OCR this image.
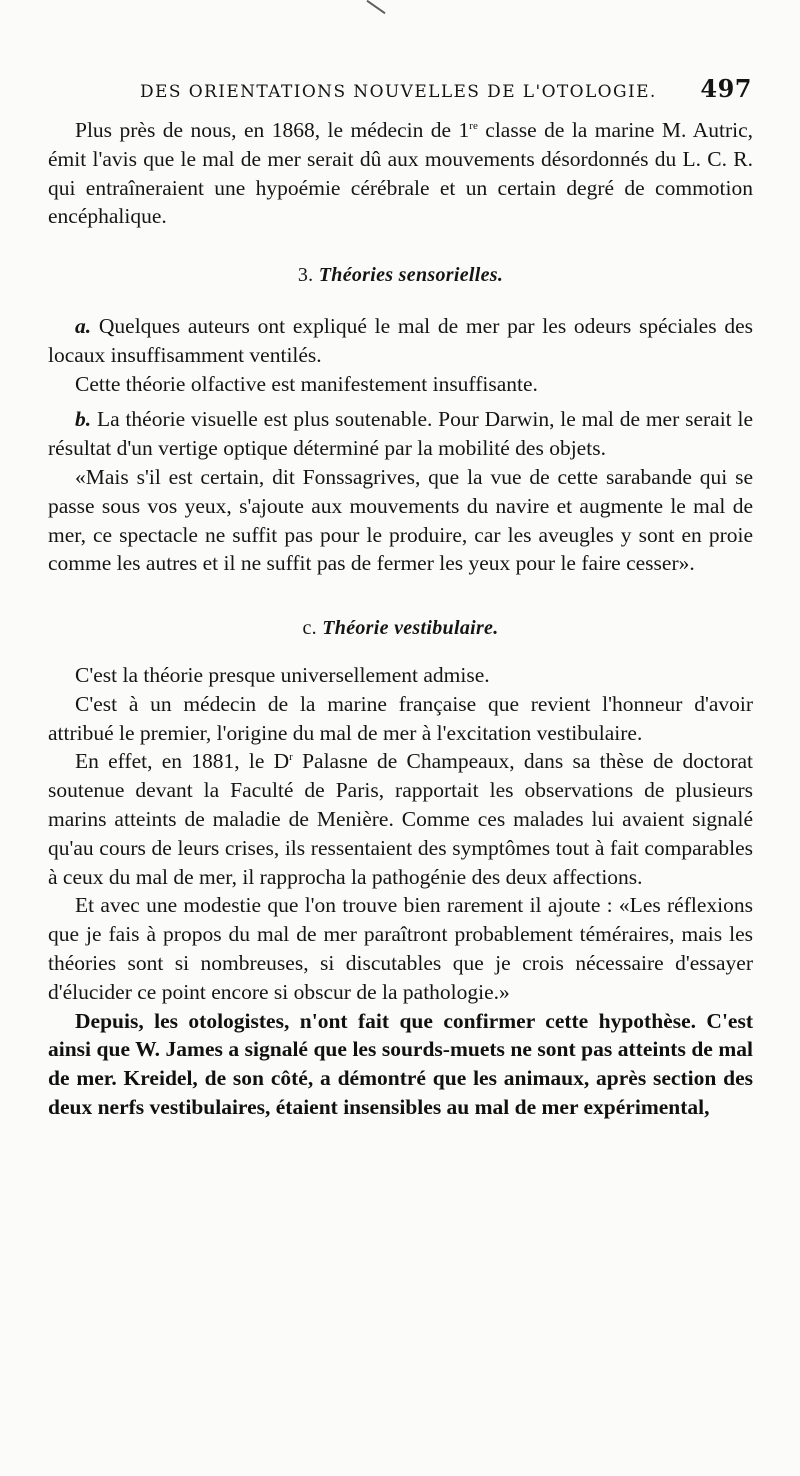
DES ORIENTATIONS NOUVELLES DE L'OTOLOGIE. 497

Plus près de nous, en 1868, le médecin de 1re classe de la marine M. Autric, émit l'avis que le mal de mer serait dû aux mouvements désordonnés du L. C. R. qui entraîneraient une hypoémie cérébrale et un certain degré de commotion encéphalique.

3. Théories sensorielles.

a. Quelques auteurs ont expliqué le mal de mer par les odeurs spéciales des locaux insuffisamment ventilés.

Cette théorie olfactive est manifestement insuffisante.

b. La théorie visuelle est plus soutenable. Pour Darwin, le mal de mer serait le résultat d'un vertige optique déterminé par la mobilité des objets.

«Mais s'il est certain, dit Fonssagrives, que la vue de cette sarabande qui se passe sous vos yeux, s'ajoute aux mouvements du navire et augmente le mal de mer, ce spectacle ne suffit pas pour le produire, car les aveugles y sont en proie comme les autres et il ne suffit pas de fermer les yeux pour le faire cesser».

c. Théorie vestibulaire.

C'est la théorie presque universellement admise.

C'est à un médecin de la marine française que revient l'honneur d'avoir attribué le premier, l'origine du mal de mer à l'excitation vestibulaire.

En effet, en 1881, le $D^r$ Palasne de Champeaux, dans sa thèse de doctorat soutenue devant la Faculté de Paris, rapportait les observations de plusieurs marins atteints de maladie de Menière. Comme ces malades lui avaient signalé qu'au cours de leurs crises, ils ressentaient des symptômes tout à fait comparables à ceux du mal de mer, il rapprocha la pathogénie des deux affections.

Et avec une modestie que l'on trouve bien rarement il ajoute : «Les réflexions que je fais à propos du mal de mer paraîtront probablement téméraires, mais les théories sont si nombreuses, si discutables que je crois nécessaire d'essayer d'élucider ce point encore si obscur de la pathologie.»

Depuis, les otologistes, n'ont fait que confirmer cette hypothèse. C'est ainsi que W. James a signalé que les sourds-muets ne sont pas atteints de mal de mer. Kreidel, de son côté, a démontré que les animaux, après section des deux nerfs vestibulaires, étaient insensibles au mal de mer expérimental,
